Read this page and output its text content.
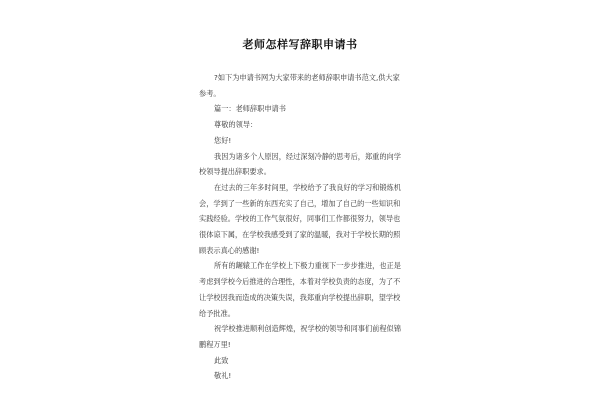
老师怎样写辞职申请书

?如下为申请书网为大家带来的老师辞职申请书范文,供大家参考。

篇一：老师辞职申请书

尊敬的领导：

您好!

我因为诸多个人原因，经过深刻冷静的思考后，郑重的向学校领导提出辞职要求。

在过去的三年多时间里，学校给予了我良好的学习和锻炼机会，学到了一些新的东西充实了自己，增加了自己的一些知识和实践经验。学校的工作气氛很好，同事们工作都很努力，领导也很体谅下属，在学校我感受到了家的温暖，我对于学校长期的照顾表示真心的感谢!

所有的龌辕工作在学校上下极力重视下一步步推进，也正是考虑到学校今后推进的合理性，本着对学校负责的态度，为了不让学校因我而造成的决策失误，我郑重向学校提出辞职，望学校给予批准。

祝学校推进顺利创造辉煌，祝学校的领导和同事们前程似锦鹏程万里!

此致

敬礼!
